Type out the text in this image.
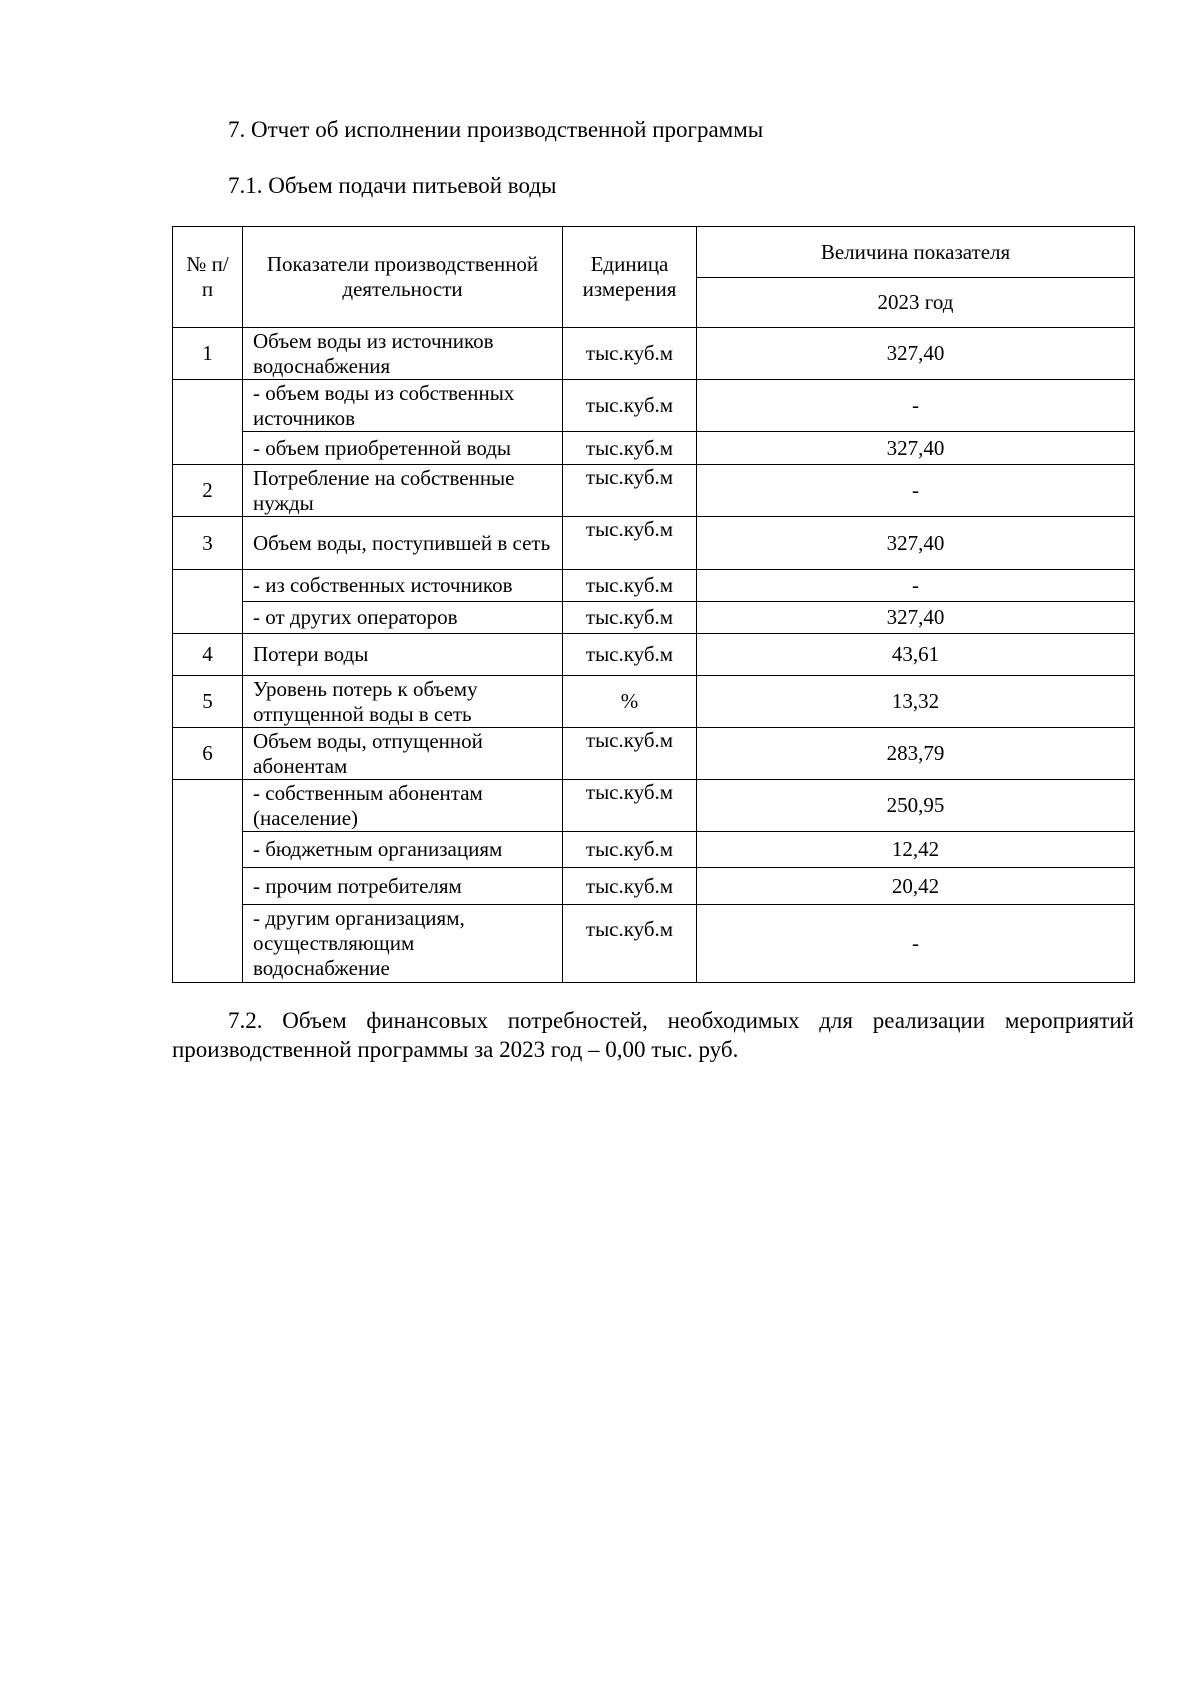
7. Отчет об исполнении производственной программы
7.1. Объем подачи питьевой воды
№ п/п	Показатели производственной деятельности	Единица измерения	Величина показателя
			2023 год
1	Объем воды из источников водоснабжения	тыс.куб.м	327,40
	- объем воды из собственных источников	тыс.куб.м	-
	- объем приобретенной воды	тыс.куб.м	327,40
2	Потребление на собственные нужды	тыс.куб.м	-
3	Объем воды, поступившей в сеть	тыс.куб.м	327,40
	- из собственных источников	тыс.куб.м	-
	- от других операторов	тыс.куб.м	327,40
4	Потери воды	тыс.куб.м	43,61
5	Уровень потерь к объему отпущенной воды в сеть	%	13,32
6	Объем воды, отпущенной абонентам	тыс.куб.м	283,79
	- собственным абонентам (население)	тыс.куб.м	250,95
	- бюджетным организациям	тыс.куб.м	12,42
	- прочим потребителям	тыс.куб.м	20,42
	- другим организациям, осуществляющим водоснабжение	тыс.куб.м	-
7.2. Объем финансовых потребностей, необходимых для реализации мероприятий производственной программы за 2023 год – 0,00 тыс. руб.
